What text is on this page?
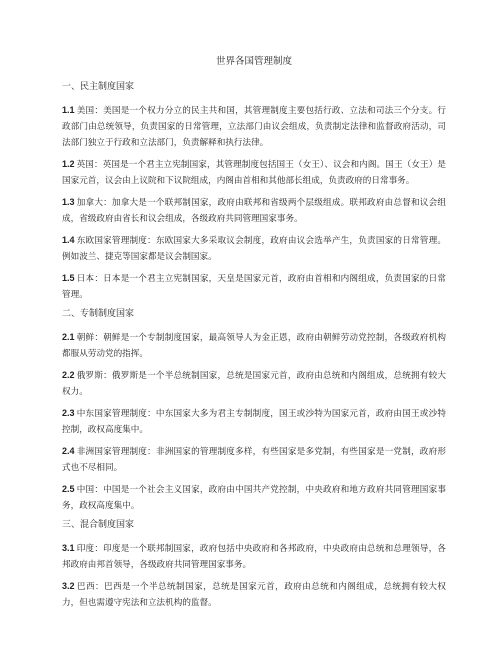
世界各国管理制度
一、民主制度国家

1.1 美国：美国是一个权力分立的民主共和国，其管理制度主要包括行政、立法和司法三个分支。行政部门由总统领导，负责国家的日常管理，立法部门由议会组成，负责制定法律和监督政府活动，司法部门独立于行政和立法部门，负责解释和执行法律。

1.2 英国：英国是一个君主立宪制国家，其管理制度包括国王（女王）、议会和内阁。国王（女王）是国家元首，议会由上议院和下议院组成，内阁由首相和其他部长组成，负责政府的日常事务。

1.3 加拿大：加拿大是一个联邦制国家，政府由联邦和省级两个层级组成。联邦政府由总督和议会组成，省级政府由省长和议会组成，各级政府共同管理国家事务。

1.4 东欧国家管理制度：东欧国家大多采取议会制度，政府由议会选举产生，负责国家的日常管理。例如波兰、捷克等国家都是议会制国家。

1.5 日本：日本是一个君主立宪制国家，天皇是国家元首，政府由首相和内阁组成，负责国家的日常管理。

二、专制制度国家

2.1 朝鲜：朝鲜是一个专制制度国家，最高领导人为金正恩，政府由朝鲜劳动党控制，各级政府机构都服从劳动党的指挥。

2.2 俄罗斯：俄罗斯是一个半总统制国家，总统是国家元首，政府由总统和内阁组成，总统拥有较大权力。

2.3 中东国家管理制度：中东国家大多为君主专制制度，国王或沙特为国家元首，政府由国王或沙特控制，政权高度集中。

2.4 非洲国家管理制度：非洲国家的管理制度多样，有些国家是多党制，有些国家是一党制，政府形式也不尽相同。

2.5 中国：中国是一个社会主义国家，政府由中国共产党控制，中央政府和地方政府共同管理国家事务，政权高度集中。

三、混合制度国家

3.1 印度：印度是一个联邦制国家，政府包括中央政府和各邦政府，中央政府由总统和总理领导，各邦政府由邦首领导，各级政府共同管理国家事务。

3.2 巴西：巴西是一个半总统制国家，总统是国家元首，政府由总统和内阁组成，总统拥有较大权力，但也需遵守宪法和立法机构的监督。
